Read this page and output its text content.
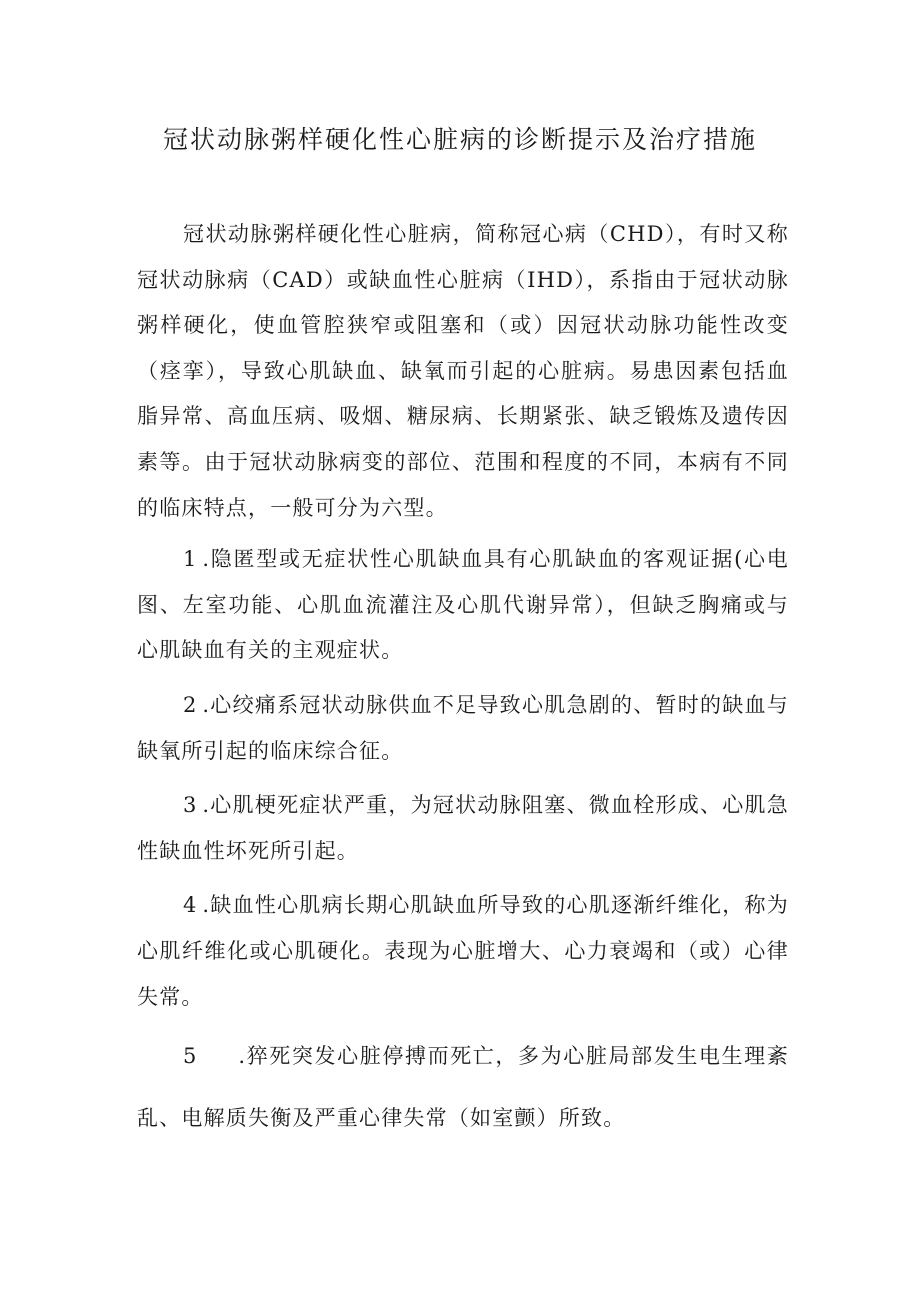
冠状动脉粥样硬化性心脏病的诊断提示及治疗措施

冠状动脉粥样硬化性心脏病，简称冠心病（CHD），有时又称冠状动脉病（CAD）或缺血性心脏病（IHD），系指由于冠状动脉粥样硬化，使血管腔狭窄或阻塞和（或）因冠状动脉功能性改变（痉挛），导致心肌缺血、缺氧而引起的心脏病。易患因素包括血脂异常、高血压病、吸烟、糖尿病、长期紧张、缺乏锻炼及遗传因素等。由于冠状动脉病变的部位、范围和程度的不同，本病有不同的临床特点，一般可分为六型。

1.隐匿型或无症状性心肌缺血具有心肌缺血的客观证据(心电图、左室功能、心肌血流灌注及心肌代谢异常），但缺乏胸痛或与心肌缺血有关的主观症状。

2.心绞痛系冠状动脉供血不足导致心肌急剧的、暂时的缺血与缺氧所引起的临床综合征。

3.心肌梗死症状严重，为冠状动脉阻塞、微血栓形成、心肌急性缺血性坏死所引起。

4.缺血性心肌病长期心肌缺血所导致的心肌逐渐纤维化，称为心肌纤维化或心肌硬化。表现为心脏增大、心力衰竭和（或）心律失常。

5 .猝死突发心脏停搏而死亡，多为心脏局部发生电生理紊乱、电解质失衡及严重心律失常（如室颤）所致。
